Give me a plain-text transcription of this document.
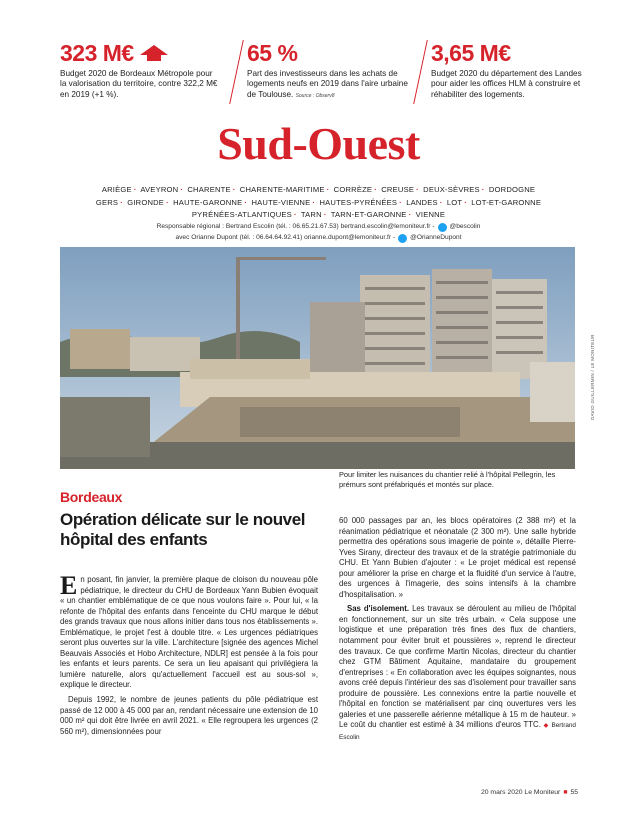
323 M€
Budget 2020 de Bordeaux Métropole pour la valorisation du territoire, contre 322,2 M€ en 2019 (+1 %).
65 %
Part des investisseurs dans les achats de logements neufs en 2019 dans l'aire urbaine de Toulouse. Source : Observ8
3,65 M€
Budget 2020 du département des Landes pour aider les offices HLM à construire et réhabiliter des logements.
Sud-Ouest
ARIÈGE · AVEYRON · CHARENTE · CHARENTE-MARITIME · CORRÈZE · CREUSE · DEUX-SÈVRES · DORDOGNE
GERS · GIRONDE · HAUTE-GARONNE · HAUTE-VIENNE · HAUTES-PYRÉNÉES · LANDES · LOT · LOT-ET-GARONNE
PYRÉNÉES-ATLANTIQUES · TARN · TARN-ET-GARONNE · VIENNE
Responsable régional : Bertrand Escolin (tél. : 06.65.21.67.53) bertrand.escolin@lemoniteur.fr - @bescolin
avec Orianne Dupont (tél. : 06.64.64.92.41) orianne.dupont@lemoniteur.fr - @OrianneDupont
DAVID GUILLERMIN / LE MONITEUR
Pour limiter les nuisances du chantier relié à l'hôpital Pellegrin, les prémurs sont préfabriqués et montés sur place.
Bordeaux
Opération délicate sur le nouvel hôpital des enfants

En posant, fin janvier, la première plaque de cloison du nouveau pôle pédiatrique, le directeur du CHU de Bordeaux Yann Bubien évoquait « un chantier emblématique de ce que nous voulons faire ». Pour lui, « la refonte de l'hôpital des enfants dans l'enceinte du CHU marque le début des grands travaux que nous allons initier dans tous nos établissements ». Emblématique, le projet l'est à double titre. « Les urgences pédiatriques seront plus ouvertes sur la ville. L'architecture [signée des agences Michel Beauvais Associés et Hobo Architecture, NDLR] est pensée à la fois pour les enfants et leurs parents. Ce sera un lieu apaisant qui privilégiera la lumière naturelle, alors qu'actuellement l'accueil est au sous-sol », explique le directeur.

Depuis 1992, le nombre de jeunes patients du pôle pédiatrique est passé de 12 000 à 45 000 par an, rendant nécessaire une extension de 10 000 m² qui doit être livrée en avril 2021. « Elle regroupera les urgences (2 560 m²), dimensionnées pour

60 000 passages par an, les blocs opératoires (2 388 m²) et la réanimation pédiatrique et néonatale (2 300 m²). Une salle hybride permettra des opérations sous imagerie de pointe », détaille Pierre-Yves Sirany, directeur des travaux et de la stratégie patrimoniale du CHU. Et Yann Bubien d'ajouter : « Le projet médical est repensé pour améliorer la prise en charge et la fluidité d'un service à l'autre, des urgences à l'imagerie, des soins intensifs à la chambre d'hospitalisation. »

Sas d'isolement. Les travaux se déroulent au milieu de l'hôpital en fonctionnement, sur un site très urbain. « Cela suppose une logistique et une préparation très fines des flux de chantiers, notamment pour éviter bruit et poussières », reprend le directeur des travaux. Ce que confirme Martin Nicolas, directeur du chantier chez GTM Bâtiment Aquitaine, mandataire du groupement d'entreprises : « En collaboration avec les équipes soignantes, nous avons créé depuis l'intérieur des sas d'isolement pour travailler sans produire de poussière. Les connexions entre la partie nouvelle et l'hôpital en fonction se matérialisent par cinq ouvertures vers les galeries et une passerelle aérienne métallique à 15 m de hauteur. » Le coût du chantier est estimé à 34 millions d'euros TTC. ◆ Bertrand Escolin

20 mars 2020 Le Moniteur ■ 55
